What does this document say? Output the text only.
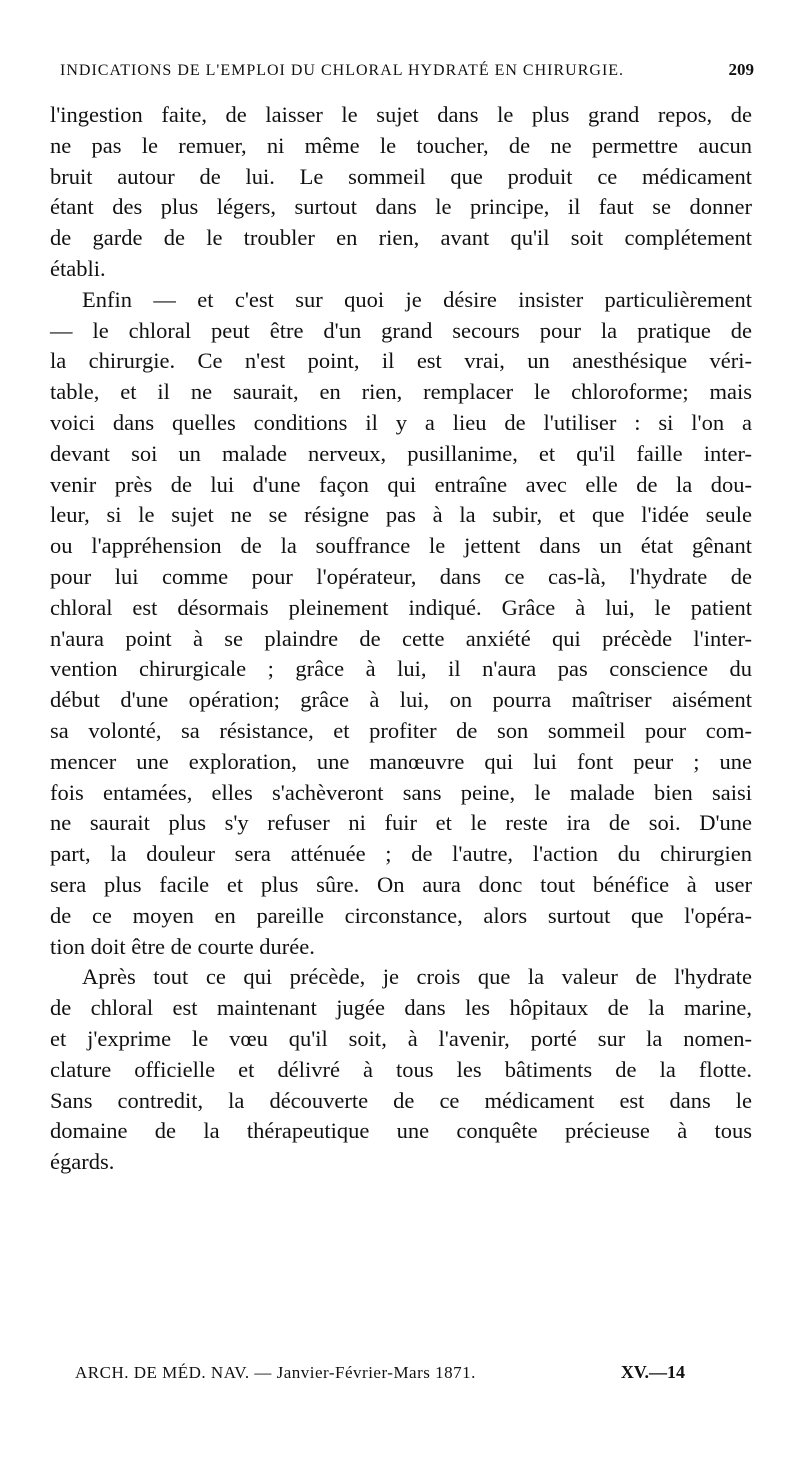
INDICATIONS DE L'EMPLOI DU CHLORAL HYDRATÉ EN CHIRURGIE.	209
l'ingestion faite, de laisser le sujet dans le plus grand repos, de
ne pas le remuer, ni même le toucher, de ne permettre aucun
bruit autour de lui. Le sommeil que produit ce médicament
étant des plus légers, surtout dans le principe, il faut se donner
de garde de le troubler en rien, avant qu'il soit complétement
établi.
Enfin — et c'est sur quoi je désire insister particulièrement
— le chloral peut être d'un grand secours pour la pratique de
la chirurgie. Ce n'est point, il est vrai, un anesthésique véri-
table, et il ne saurait, en rien, remplacer le chloroforme; mais
voici dans quelles conditions il y a lieu de l'utiliser : si l'on a
devant soi un malade nerveux, pusillanime, et qu'il faille inter-
venir près de lui d'une façon qui entraîne avec elle de la dou-
leur, si le sujet ne se résigne pas à la subir, et que l'idée seule
ou l'appréhension de la souffrance le jettent dans un état gênant
pour lui comme pour l'opérateur, dans ce cas-là, l'hydrate de
chloral est désormais pleinement indiqué. Grâce à lui, le patient
n'aura point à se plaindre de cette anxiété qui précède l'inter-
vention chirurgicale ; grâce à lui, il n'aura pas conscience du
début d'une opération; grâce à lui, on pourra maîtriser aisément
sa volonté, sa résistance, et profiter de son sommeil pour com-
mencer une exploration, une manœuvre qui lui font peur ; une
fois entamées, elles s'achèveront sans peine, le malade bien saisi
ne saurait plus s'y refuser ni fuir et le reste ira de soi. D'une
part, la douleur sera atténuée ; de l'autre, l'action du chirurgien
sera plus facile et plus sûre. On aura donc tout bénéfice à user
de ce moyen en pareille circonstance, alors surtout que l'opéra-
tion doit être de courte durée.
Après tout ce qui précède, je crois que la valeur de l'hydrate
de chloral est maintenant jugée dans les hôpitaux de la marine,
et j'exprime le vœu qu'il soit, à l'avenir, porté sur la nomen-
clature officielle et délivré à tous les bâtiments de la flotte.
Sans contredit, la découverte de ce médicament est dans le
domaine de la thérapeutique une conquête précieuse à tous
égards.
ARCH. DE MÉD. NAV. — Janvier-Février-Mars 1871.	XV.—14
